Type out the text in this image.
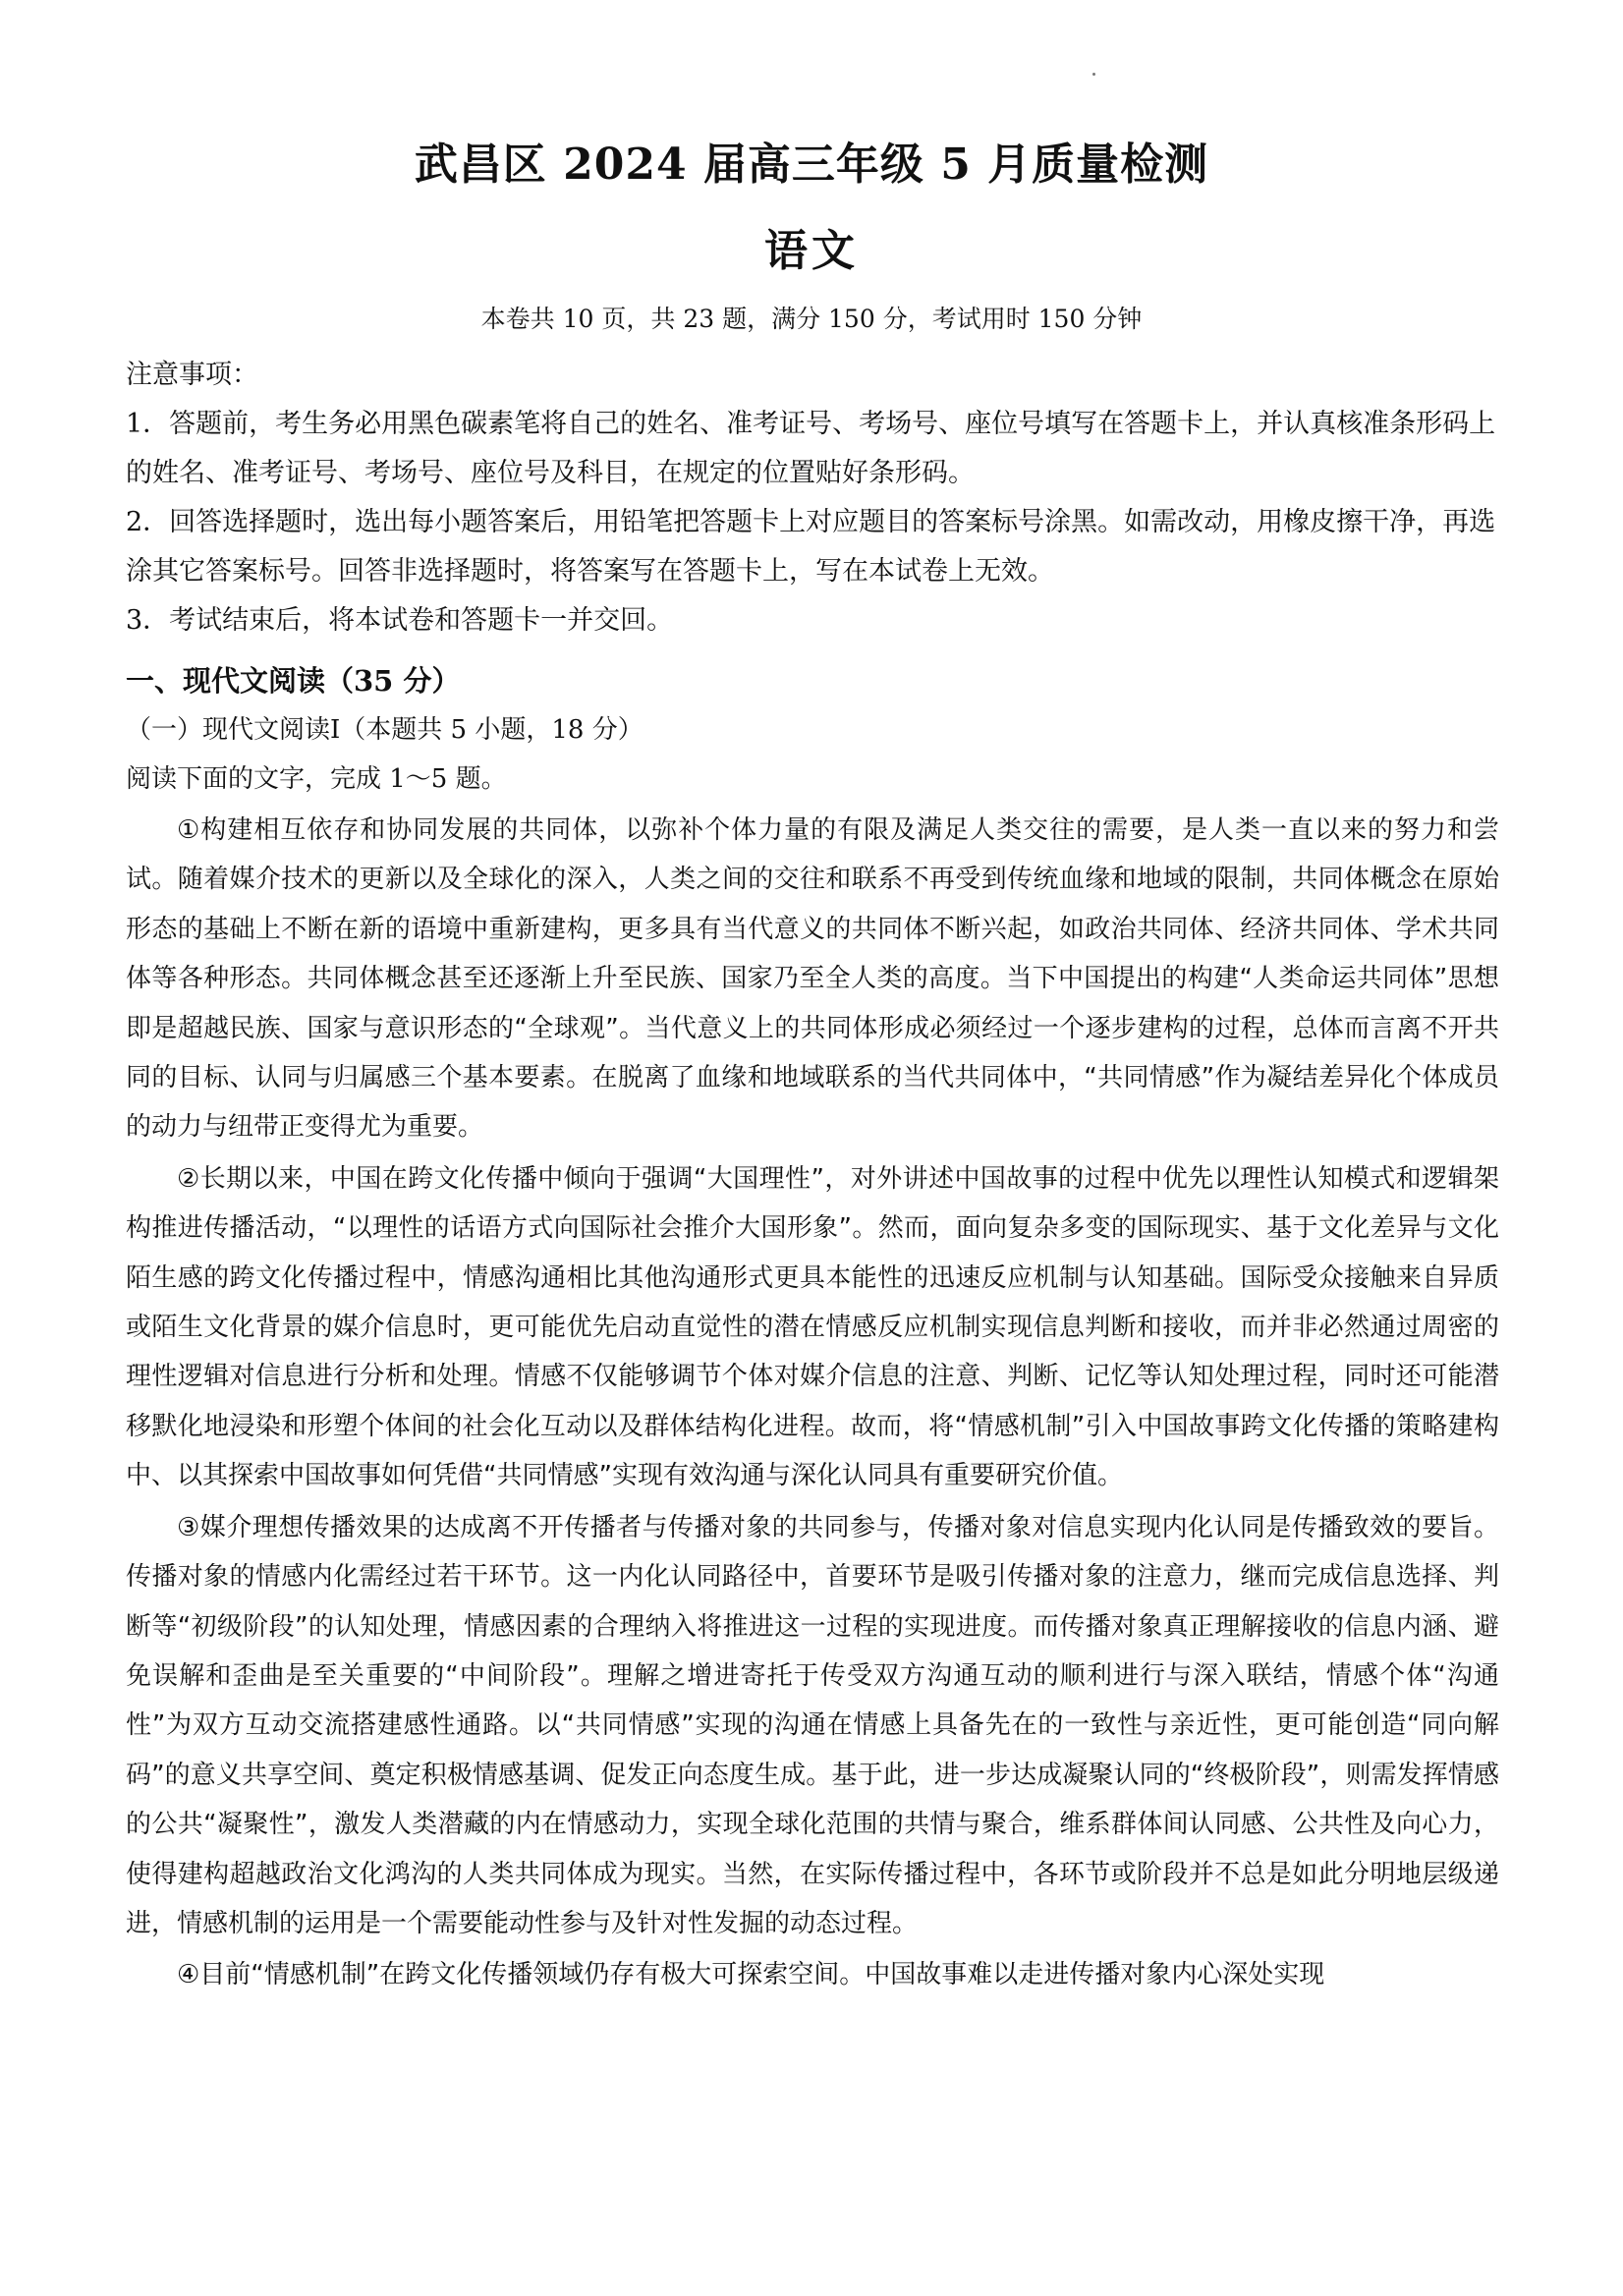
武昌区 2024 届高三年级 5 月质量检测
语文
本卷共 10 页，共 23 题，满分 150 分，考试用时 150 分钟

注意事项：

1．答题前，考生务必用黑色碳素笔将自己的姓名、准考证号、考场号、座位号填写在答题卡上，并认真核准条形码上的姓名、准考证号、考场号、座位号及科目，在规定的位置贴好条形码。

2．回答选择题时，选出每小题答案后，用铅笔把答题卡上对应题目的答案标号涂黑。如需改动，用橡皮擦干净，再选涂其它答案标号。回答非选择题时，将答案写在答题卡上，写在本试卷上无效。

3．考试结束后，将本试卷和答题卡一并交回。

一、现代文阅读（35 分）
（一）现代文阅读Ⅰ（本题共 5 小题，18 分）
阅读下面的文字，完成 1～5 题。

①构建相互依存和协同发展的共同体，以弥补个体力量的有限及满足人类交往的需要，是人类一直以来的努力和尝试。随着媒介技术的更新以及全球化的深入，人类之间的交往和联系不再受到传统血缘和地域的限制，共同体概念在原始形态的基础上不断在新的语境中重新建构，更多具有当代意义的共同体不断兴起，如政治共同体、经济共同体、学术共同体等各种形态。共同体概念甚至还逐渐上升至民族、国家乃至全人类的高度。当下中国提出的构建“人类命运共同体”思想即是超越民族、国家与意识形态的“全球观”。当代意义上的共同体形成必须经过一个逐步建构的过程，总体而言离不开共同的目标、认同与归属感三个基本要素。在脱离了血缘和地域联系的当代共同体中，“共同情感”作为凝结差异化个体成员的动力与纽带正变得尤为重要。

②长期以来，中国在跨文化传播中倾向于强调“大国理性”，对外讲述中国故事的过程中优先以理性认知模式和逻辑架构推进传播活动，“以理性的话语方式向国际社会推介大国形象”。然而，面向复杂多变的国际现实、基于文化差异与文化陌生感的跨文化传播过程中，情感沟通相比其他沟通形式更具本能性的迅速反应机制与认知基础。国际受众接触来自异质或陌生文化背景的媒介信息时，更可能优先启动直觉性的潜在情感反应机制实现信息判断和接收，而并非必然通过周密的理性逻辑对信息进行分析和处理。情感不仅能够调节个体对媒介信息的注意、判断、记忆等认知处理过程，同时还可能潜移默化地浸染和形塑个体间的社会化互动以及群体结构化进程。故而，将“情感机制”引入中国故事跨文化传播的策略建构中、以其探索中国故事如何凭借“共同情感”实现有效沟通与深化认同具有重要研究价值。

③媒介理想传播效果的达成离不开传播者与传播对象的共同参与，传播对象对信息实现内化认同是传播致效的要旨。传播对象的情感内化需经过若干环节。这一内化认同路径中，首要环节是吸引传播对象的注意力，继而完成信息选择、判断等“初级阶段”的认知处理，情感因素的合理纳入将推进这一过程的实现进度。而传播对象真正理解接收的信息内涵、避免误解和歪曲是至关重要的“中间阶段”。理解之增进寄托于传受双方沟通互动的顺利进行与深入联结，情感个体“沟通性”为双方互动交流搭建感性通路。以“共同情感”实现的沟通在情感上具备先在的一致性与亲近性，更可能创造“同向解码”的意义共享空间、奠定积极情感基调、促发正向态度生成。基于此，进一步达成凝聚认同的“终极阶段”，则需发挥情感的公共“凝聚性”，激发人类潜藏的内在情感动力，实现全球化范围的共情与聚合，维系群体间认同感、公共性及向心力，使得建构超越政治文化鸿沟的人类共同体成为现实。当然，在实际传播过程中，各环节或阶段并不总是如此分明地层级递进，情感机制的运用是一个需要能动性参与及针对性发掘的动态过程。

④目前“情感机制”在跨文化传播领域仍存有极大可探索空间。中国故事难以走进传播对象内心深处实现
